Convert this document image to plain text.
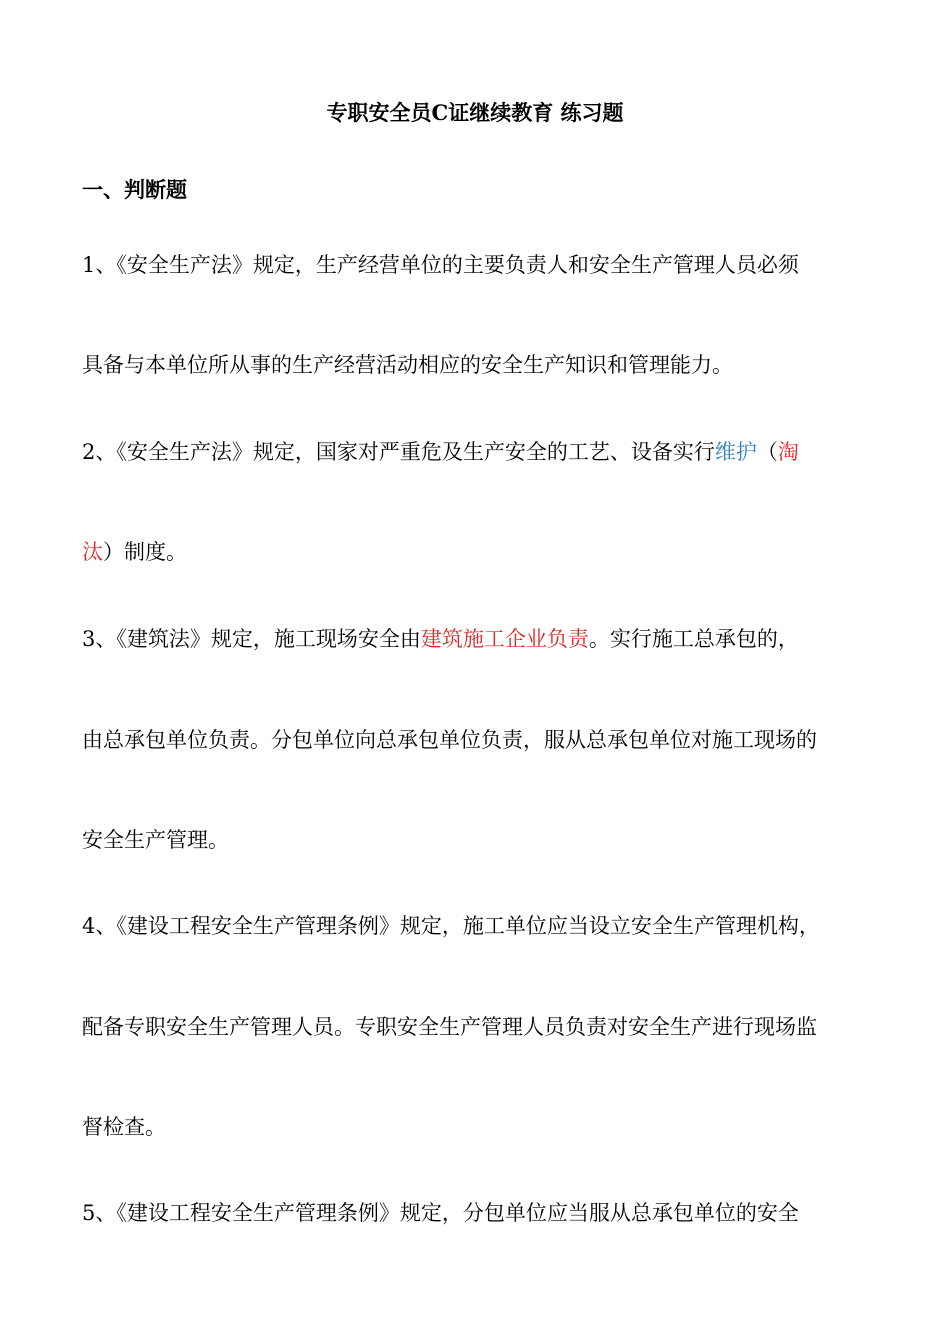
专职安全员C证继续教育 练习题
一、判断题
1、《安全生产法》规定，生产经营单位的主要负责人和安全生产管理人员必须
具备与本单位所从事的生产经营活动相应的安全生产知识和管理能力。
2、《安全生产法》规定，国家对严重危及生产安全的工艺、设备实行维护（淘
汰）制度。
3、《建筑法》规定，施工现场安全由建筑施工企业负责。实行施工总承包的，
由总承包单位负责。分包单位向总承包单位负责，服从总承包单位对施工现场的
安全生产管理。
4、《建设工程安全生产管理条例》规定，施工单位应当设立安全生产管理机构，
配备专职安全生产管理人员。专职安全生产管理人员负责对安全生产进行现场监
督检查。
5、《建设工程安全生产管理条例》规定，分包单位应当服从总承包单位的安全
